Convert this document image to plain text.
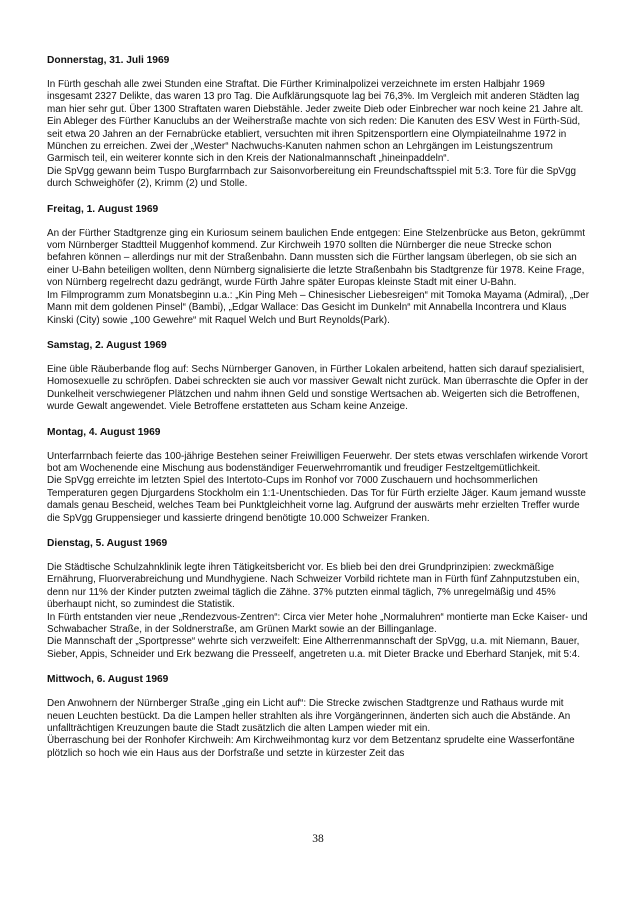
Donnerstag, 31. Juli 1969

In Fürth geschah alle zwei Stunden eine Straftat. Die Fürther Kriminalpolizei verzeichnete im ersten Halbjahr 1969 insgesamt 2327 Delikte, das waren 13 pro Tag. Die Aufklärungsquote lag bei 76,3%. Im Vergleich mit anderen Städten lag man hier sehr gut. Über 1300 Straftaten waren Diebstähle. Jeder zweite Dieb oder Einbrecher war noch keine 21 Jahre alt.

Ein Ableger des Fürther Kanuclubs an der Weiherstraße machte von sich reden: Die Kanuten des ESV West in Fürth-Süd, seit etwa 20 Jahren an der Fernabrücke etabliert, versuchten mit ihren Spitzensportlern eine Olympiateilnahme 1972 in München zu erreichen. Zwei der „Wester“ Nachwuchs-Kanuten nahmen schon an Lehrgängen im Leistungszentrum Garmisch teil, ein weiterer konnte sich in den Kreis der Nationalmannschaft „hineinpaddeln“.

Die SpVgg gewann beim Tuspo Burgfarrnbach zur Saisonvorbereitung ein Freundschaftsspiel mit 5:3. Tore für die SpVgg durch Schweighöfer (2), Krimm (2) und Stolle.

Freitag, 1. August 1969

An der Fürther Stadtgrenze ging ein Kuriosum seinem baulichen Ende entgegen: Eine Stelzenbrücke aus Beton, gekrümmt vom Nürnberger Stadtteil Muggenhof kommend. Zur Kirchweih 1970 sollten die Nürnberger die neue Strecke schon befahren können – allerdings nur mit der Straßenbahn. Dann mussten sich die Fürther langsam überlegen, ob sie sich an einer U-Bahn beteiligen wollten, denn Nürnberg signalisierte die letzte Straßenbahn bis Stadtgrenze für 1978. Keine Frage, von Nürnberg regelrecht dazu gedrängt, wurde Fürth Jahre später Europas kleinste Stadt mit einer U-Bahn.

Im Filmprogramm zum Monatsbeginn u.a.: „Kin Ping Meh – Chinesischer Liebesreigen“ mit Tomoka Mayama (Admiral), „Der Mann mit dem goldenen Pinsel“ (Bambi), „Edgar Wallace: Das Gesicht im Dunkeln“ mit Annabella Incontrera und Klaus Kinski (City) sowie „100 Gewehre“ mit Raquel Welch und Burt Reynolds(Park).

Samstag, 2. August 1969

Eine üble Räuberbande flog auf: Sechs Nürnberger Ganoven, in Fürther Lokalen arbeitend, hatten sich darauf spezialisiert, Homosexuelle zu schröpfen. Dabei schreckten sie auch vor massiver Gewalt nicht zurück. Man überraschte die Opfer in der Dunkelheit verschwiegener Plätzchen und nahm ihnen Geld und sonstige Wertsachen ab. Weigerten sich die Betroffenen, wurde Gewalt angewendet. Viele Betroffene erstatteten aus Scham keine Anzeige.

Montag, 4. August 1969

Unterfarrnbach feierte das 100-jährige Bestehen seiner Freiwilligen Feuerwehr. Der stets etwas verschlafen wirkende Vorort bot am Wochenende eine Mischung aus bodenständiger Feuerwehrromantik und freudiger Festzeltgemütlichkeit.

Die SpVgg erreichte im letzten Spiel des Intertoto-Cups im Ronhof vor 7000 Zuschauern und hochsommerlichen Temperaturen gegen Djurgardens Stockholm ein 1:1-Unentschieden. Das Tor für Fürth erzielte Jäger. Kaum jemand wusste damals genau Bescheid, welches Team bei Punktgleichheit vorne lag. Aufgrund der auswärts mehr erzielten Treffer wurde die SpVgg Gruppensieger und kassierte dringend benötigte 10.000 Schweizer Franken.

Dienstag, 5. August 1969

Die Städtische Schulzahnklinik legte ihren Tätigkeitsbericht vor. Es blieb bei den drei Grundprinzipien: zweckmäßige Ernährung, Fluorverabreichung und Mundhygiene. Nach Schweizer Vorbild richtete man in Fürth fünf Zahnputzstuben ein, denn nur 11% der Kinder putzten zweimal täglich die Zähne. 37% putzten einmal täglich, 7% unregelmäßig und 45% überhaupt nicht, so zumindest die Statistik.

In Fürth entstanden vier neue „Rendezvous-Zentren“: Circa vier Meter hohe „Normaluhren“ montierte man Ecke Kaiser- und Schwabacher Straße, in der Soldnerstraße, am Grünen Markt sowie an der Billinganlage.

Die Mannschaft der „Sportpresse“ wehrte sich verzweifelt: Eine Altherrenmannschaft der SpVgg, u.a. mit Niemann, Bauer, Sieber, Appis, Schneider und Erk bezwang die Presseelf, angetreten u.a. mit Dieter Bracke und Eberhard Stanjek, mit 5:4.

Mittwoch, 6. August 1969

Den Anwohnern der Nürnberger Straße „ging ein Licht auf“: Die Strecke zwischen Stadtgrenze und Rathaus wurde mit neuen Leuchten bestückt. Da die Lampen heller strahlten als ihre Vorgängerinnen, änderten sich auch die Abstände. An unfallträchtigen Kreuzungen baute die Stadt zusätzlich die alten Lampen wieder mit ein.

Überraschung bei der Ronhofer Kirchweih: Am Kirchweihmontag kurz vor dem Betzentanz sprudelte eine Wasserfontäne plötzlich so hoch wie ein Haus aus der Dorfstraße und setzte in kürzester Zeit das

38
